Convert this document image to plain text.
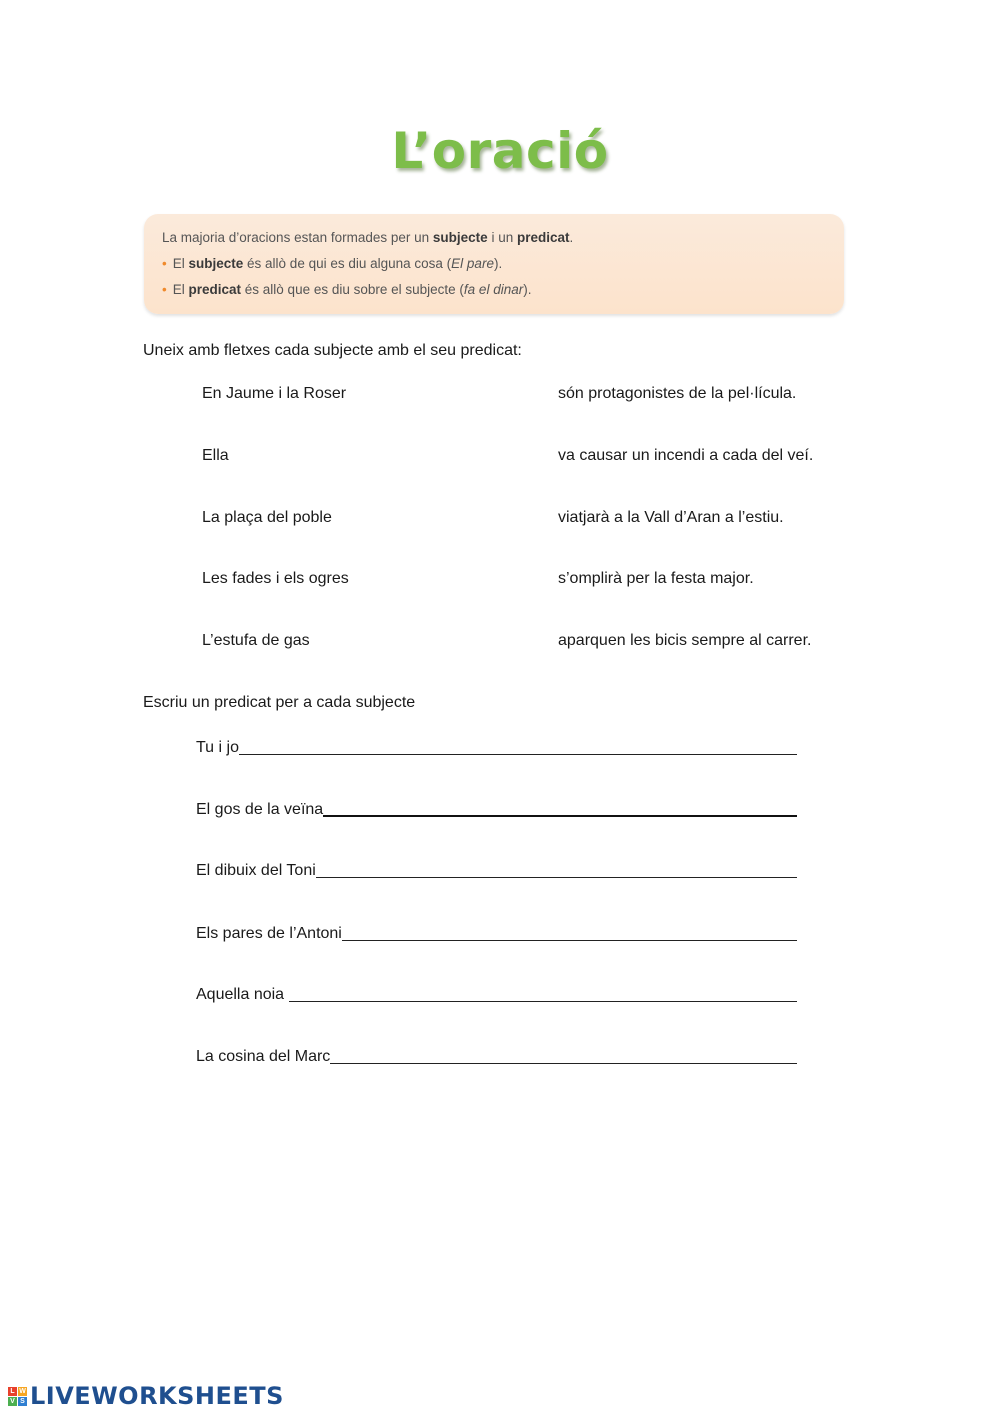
L’oració
La majoria d’oracions estan formades per un subjecte i un predicat.
• El subjecte és allò de qui es diu alguna cosa (El pare).
• El predicat és allò que es diu sobre el subjecte (fa el dinar).
Uneix amb fletxes cada subjecte amb el seu predicat:
En Jaume i la Roser
Ella
La plaça del poble
Les fades i els ogres
L’estufa de gas
són protagonistes de la pel·lícula.
va causar un incendi a cada del veí.
viatjarà a la Vall d’Aran a l’estiu.
s’omplirà per la festa major.
aparquen les bicis sempre al carrer.
Escriu un predicat per a cada subjecte
Tu i jo
El gos de la veïna
El dibuix del Toni
Els pares de l’Antoni
Aquella noia
La cosina del Marc
L W
V S LIVEWORKSHEETS
